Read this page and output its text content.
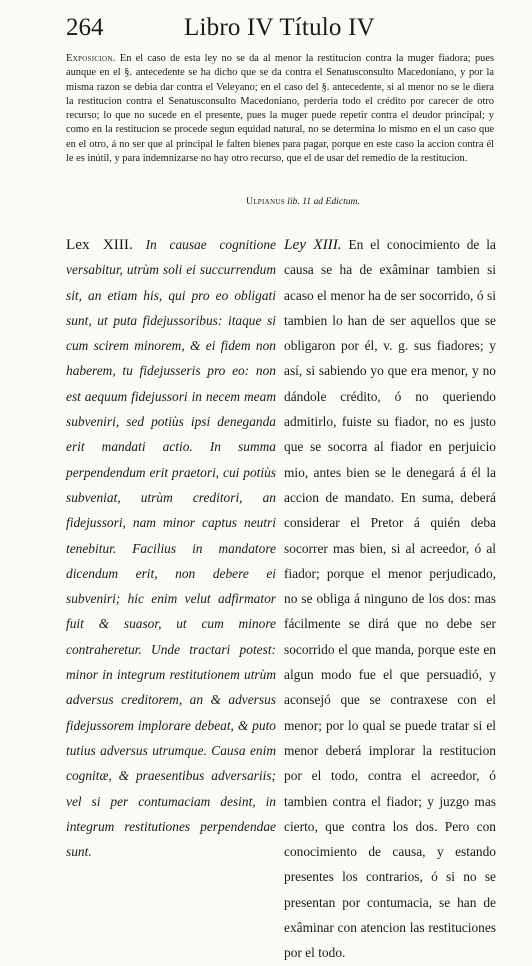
264	Libro IV Título IV

Exposicion. En el caso de esta ley no se da al menor la restitucion contra la muger fiadora; pues aunque en el §. antecedente se ha dicho que se da contra el Senatusconsulto Macedoniano, y por la misma razon se debia dar contra el Veleyano; en el caso del §. antecedente, si al menor no se le diera la restitucion contra el Senatusconsulto Macedoniano, perderia todo el crédito por carecer de otro recurso; lo que no sucede en el presente, pues la muger puede repetir contra el deudor principal; y como en la restitucion se procede segun equidad natural, no se determina lo mismo en el un caso que en el otro, á no ser que al principal le falten bienes para pagar, porque en este caso la accion contra él le es inútil, y para indemnizarse no hay otro recurso, que el de usar del remedio de la restitucion.

Ulpianus lib. 11 ad Edictum.

Lex XIII. In causae cognitione versabitur, utrùm soli ei succurrendum sit, an etiam his, qui pro eo obligati sunt, ut puta fidejussoribus: itaque si cum scirem minorem, & ei fidem non haberem, tu fidejusseris pro eo: non est aequum fidejussori in necem meam subveniri, sed potiùs ipsi deneganda erit mandati actio. In summa perpendendum erit praetori, cui potiùs subveniat, utrùm creditori, an fidejussori, nam minor captus neutri tenebitur. Facilius in mandatore dicendum erit, non debere ei subveniri; hic enim velut adfirmator fuit & suasor, ut cum minore contraheretur. Unde tractari potest: minor in integrum restitutionem utrùm adversus creditorem, an & adversus fidejussorem implorare debeat, & puto tutius adversus utrumque. Causa enim cognitæ, & praesentibus adversariis; vel si per contumaciam desint, in integrum restitutiones perpendendae sunt.

Ley XIII. En el conocimiento de la causa se ha de exâminar tambien si acaso el menor ha de ser socorrido, ó si tambien lo han de ser aquellos que se obligaron por él, v. g. sus fiadores; y así, si sabiendo yo que era menor, y no dándole crédito, ó no queriendo admitirlo, fuiste su fiador, no es justo que se socorra al fiador en perjuicio mio, antes bien se le denegará á él la accion de mandato. En suma, deberá considerar el Pretor á quién deba socorrer mas bien, si al acreedor, ó al fiador; porque el menor perjudicado, no se obliga á ninguno de los dos: mas fácilmente se dirá que no debe ser socorrido el que manda, porque este en algun modo fue el que persuadió, y aconsejó que se contraxese con el menor; por lo qual se puede tratar si el menor deberá implorar la restitucion por el todo, contra el acreedor, ó tambien contra el fiador; y juzgo mas cierto, que contra los dos. Pero con conocimiento de causa, y estando presentes los contrarios, ó si no se presentan por contumacia, se han de exâminar con atencion las restituciones por el todo.
